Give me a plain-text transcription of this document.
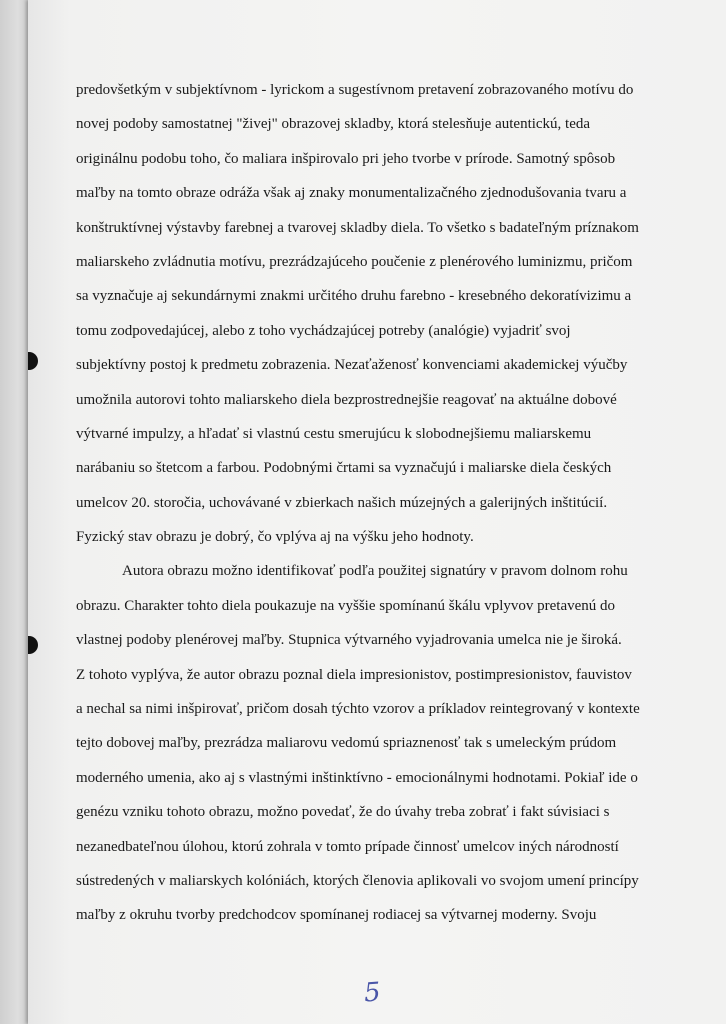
predovšetkým v subjektívnom - lyrickom a sugestívnom pretavení zobrazovaného motívu do
novej podoby samostatnej "živej" obrazovej skladby, ktorá stelesňuje autentickú, teda
originálnu podobu toho, čo maliara inšpirovalo pri jeho tvorbe v prírode. Samotný spôsob
maľby na tomto obraze odráža však aj znaky monumentalizačného zjednodušovania tvaru a
konštruktívnej výstavby farebnej a tvarovej skladby diela. To všetko s badateľným príznakom
maliarskeho zvládnutia motívu, prezrádzajúceho poučenie z plenérového luminizmu, pričom
sa vyznačuje aj sekundárnymi znakmi určitého druhu farebno - kresebného dekoratívizimu a
tomu zodpovedajúcej, alebo z toho vychádzajúcej potreby (analógie) vyjadriť svoj
subjektívny postoj k predmetu zobrazenia. Nezaťaženosť konvenciami akademickej výučby
umožnila autorovi tohto maliarskeho diela bezprostrednejšie reagovať na aktuálne dobové
výtvarné impulzy, a hľadať si vlastnú cestu smerujúcu k slobodnejšiemu maliarskemu
narábaniu so štetcom a farbou. Podobnými črtami sa vyznačujú i maliarske diela českých
umelcov 20. storočia, uchovávané v zbierkach našich múzejných a galerijných inštitúcií.
Fyzický stav obrazu je dobrý, čo vplýva aj na výšku jeho hodnoty.
Autora obrazu možno identifikovať podľa použitej signatúry v pravom dolnom rohu
obrazu. Charakter tohto diela poukazuje na vyššie spomínanú škálu vplyvov pretavenú do
vlastnej podoby plenérovej maľby. Stupnica výtvarného vyjadrovania umelca nie je široká.
Z tohoto vyplýva, že autor obrazu poznal diela impresionistov, postimpresionistov, fauvistov
a nechal sa nimi inšpirovať, pričom dosah týchto vzorov a príkladov reintegrovaný v kontexte
tejto dobovej maľby, prezrádza maliarovu vedomú spriaznenosť tak s umeleckým prúdom
moderného umenia, ako aj s vlastnými inštinktívno - emocionálnymi hodnotami. Pokiaľ ide o
genézu vzniku tohoto obrazu, možno povedať, že do úvahy treba zobrať i fakt súvisiaci s
nezanedbateľnou úlohou, ktorú zohrala v tomto prípade činnosť umelcov iných národností
sústredených v maliarskych kolóniách, ktorých členovia aplikovali vo svojom umení princípy
maľby z okruhu tvorby predchodcov spomínanej rodiacej sa výtvarnej moderny. Svoju
5
